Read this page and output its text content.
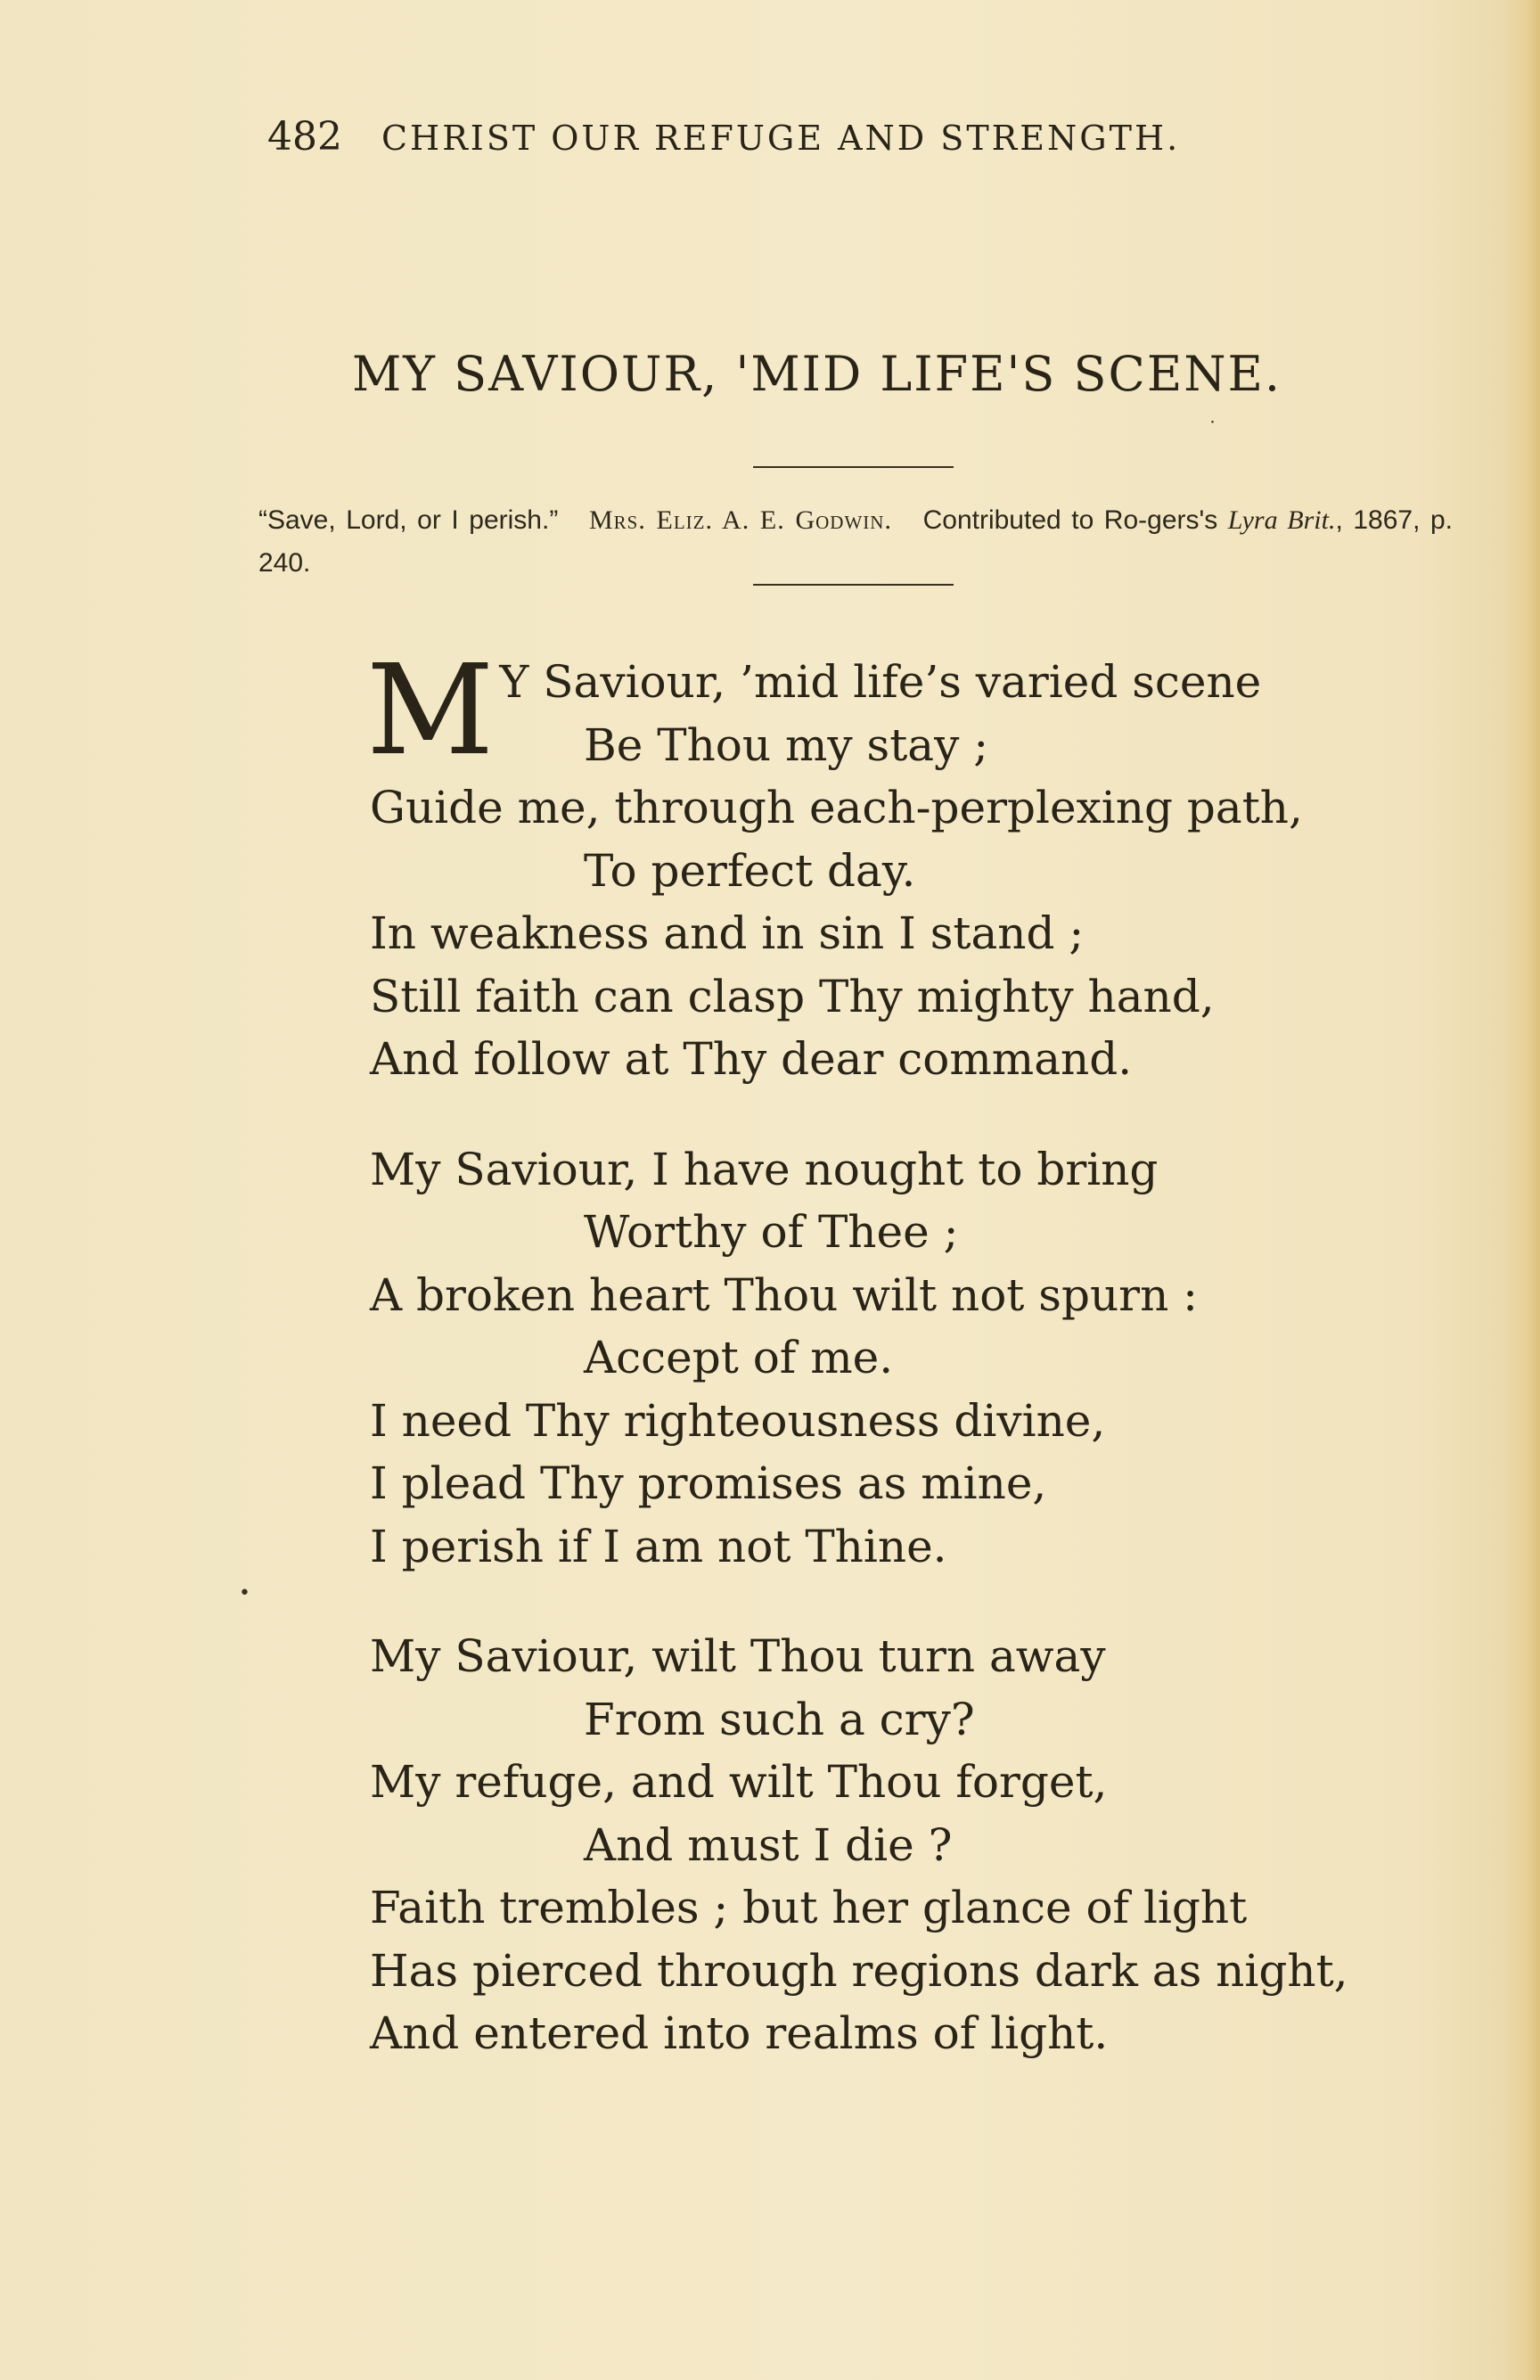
482 CHRIST OUR REFUGE AND STRENGTH.
MY SAVIOUR, 'MID LIFE'S SCENE.
“Save, Lord, or I perish.” Mrs. Eliz. A. E. Godwin. Contributed to Ro-gers's Lyra Brit., 1867, p. 240.
M Y Saviour, ’mid life’s varied scene
Be Thou my stay ;
Guide me, through each-perplexing path,
To perfect day.
In weakness and in sin I stand ;
Still faith can clasp Thy mighty hand,
And follow at Thy dear command.
My Saviour, I have nought to bring
Worthy of Thee ;
A broken heart Thou wilt not spurn :
Accept of me.
I need Thy righteousness divine,
I plead Thy promises as mine,
I perish if I am not Thine.
My Saviour, wilt Thou turn away
From such a cry?
My refuge, and wilt Thou forget,
And must I die ?
Faith trembles ; but her glance of light
Has pierced through regions dark as night,
And entered into realms of light.
˙
•
